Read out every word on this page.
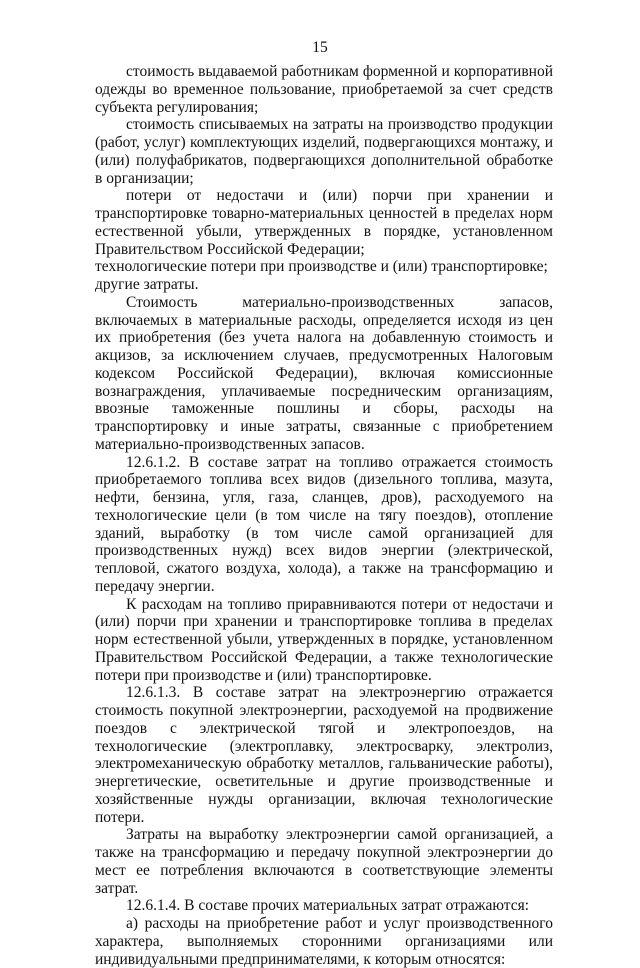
15

стоимость выдаваемой работникам форменной и корпоративной одежды во временное пользование, приобретаемой за счет средств субъекта регулирования;

стоимость списываемых на затраты на производство продукции (работ, услуг) комплектующих изделий, подвергающихся монтажу, и (или) полуфабрикатов, подвергающихся дополнительной обработке в организации;

потери от недостачи и (или) порчи при хранении и транспортировке товарно-материальных ценностей в пределах норм естественной убыли, утвержденных в порядке, установленном Правительством Российской Федерации;

технологические потери при производстве и (или) транспортировке;

другие затраты.

Стоимость материально-производственных запасов, включаемых в материальные расходы, определяется исходя из цен их приобретения (без учета налога на добавленную стоимость и акцизов, за исключением случаев, предусмотренных Налоговым кодексом Российской Федерации), включая комиссионные вознаграждения, уплачиваемые посредническим организациям, ввозные таможенные пошлины и сборы, расходы на транспортировку и иные затраты, связанные с приобретением материально-производственных запасов.

12.6.1.2. В составе затрат на топливо отражается стоимость приобретаемого топлива всех видов (дизельного топлива, мазута, нефти, бензина, угля, газа, сланцев, дров), расходуемого на технологические цели (в том числе на тягу поездов), отопление зданий, выработку (в том числе самой организацией для производственных нужд) всех видов энергии (электрической, тепловой, сжатого воздуха, холода), а также на трансформацию и передачу энергии.

К расходам на топливо приравниваются потери от недостачи и (или) порчи при хранении и транспортировке топлива в пределах норм естественной убыли, утвержденных в порядке, установленном Правительством Российской Федерации, а также технологические потери при производстве и (или) транспортировке.

12.6.1.3. В составе затрат на электроэнергию отражается стоимость покупной электроэнергии, расходуемой на продвижение поездов с электрической тягой и электропоездов, на технологические (электроплавку, электросварку, электролиз, электромеханическую обработку металлов, гальванические работы), энергетические, осветительные и другие производственные и хозяйственные нужды организации, включая технологические потери.

Затраты на выработку электроэнергии самой организацией, а также на трансформацию и передачу покупной электроэнергии до мест ее потребления включаются в соответствующие элементы затрат.

12.6.1.4. В составе прочих материальных затрат отражаются:

а) расходы на приобретение работ и услуг производственного характера, выполняемых сторонними организациями или индивидуальными предпринимателями, к которым относятся:
